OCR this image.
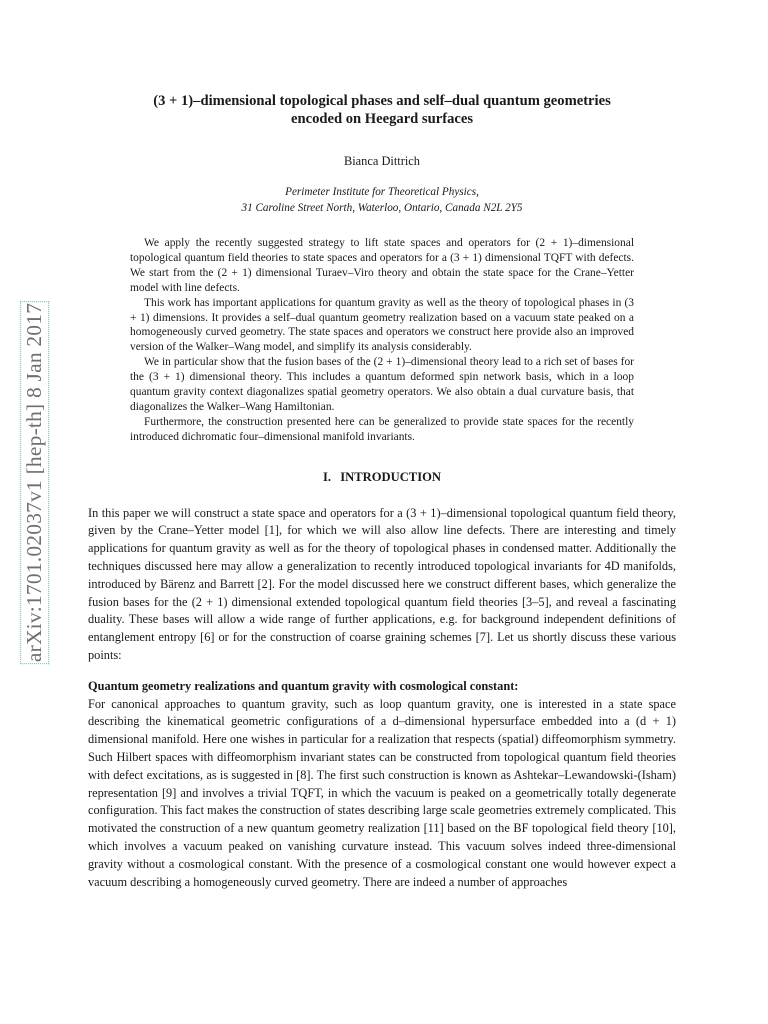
arXiv:1701.02037v1 [hep-th] 8 Jan 2017

(3 + 1)–dimensional topological phases and self–dual quantum geometries

encoded on Heegard surfaces

Bianca Dittrich
Perimeter Institute for Theoretical Physics,
31 Caroline Street North, Waterloo, Ontario, Canada N2L 2Y5

We apply the recently suggested strategy to lift state spaces and operators for (2 + 1)–dimensional topological quantum field theories to state spaces and operators for a (3 + 1) dimensional TQFT with defects. We start from the (2 + 1) dimensional Turaev–Viro theory and obtain the state space for the Crane–Yetter model with line defects.

This work has important applications for quantum gravity as well as the theory of topological phases in (3 + 1) dimensions. It provides a self–dual quantum geometry realization based on a vacuum state peaked on a homogeneously curved geometry. The state spaces and operators we construct here provide also an improved version of the Walker–Wang model, and simplify its analysis considerably.

We in particular show that the fusion bases of the (2 + 1)–dimensional theory lead to a rich set of bases for the (3 + 1) dimensional theory. This includes a quantum deformed spin network basis, which in a loop quantum gravity context diagonalizes spatial geometry operators. We also obtain a dual curvature basis, that diagonalizes the Walker–Wang Hamiltonian.

Furthermore, the construction presented here can be generalized to provide state spaces for the recently introduced dichromatic four–dimensional manifold invariants.

I. INTRODUCTION

In this paper we will construct a state space and operators for a (3 + 1)–dimensional topological quantum field theory, given by the Crane–Yetter model [1], for which we will also allow line defects. There are interesting and timely applications for quantum gravity as well as for the theory of topological phases in condensed matter. Additionally the techniques discussed here may allow a generalization to recently introduced topological invariants for 4D manifolds, introduced by Bärenz and Barrett [2]. For the model discussed here we construct different bases, which generalize the fusion bases for the (2 + 1) dimensional extended topological quantum field theories [3–5], and reveal a fascinating duality. These bases will allow a wide range of further applications, e.g. for background independent definitions of entanglement entropy [6] or for the construction of coarse graining schemes [7]. Let us shortly discuss these various points:

Quantum geometry realizations and quantum gravity with cosmological constant:

For canonical approaches to quantum gravity, such as loop quantum gravity, one is interested in a state space describing the kinematical geometric configurations of a d–dimensional hypersurface embedded into a (d + 1) dimensional manifold. Here one wishes in particular for a realization that respects (spatial) diffeomorphism symmetry. Such Hilbert spaces with diffeomorphism invariant states can be constructed from topological quantum field theories with defect excitations, as is suggested in [8]. The first such construction is known as Ashtekar–Lewandowski-(Isham) representation [9] and involves a trivial TQFT, in which the vacuum is peaked on a geometrically totally degenerate configuration. This fact makes the construction of states describing large scale geometries extremely complicated. This motivated the construction of a new quantum geometry realization [11] based on the BF topological field theory [10], which involves a vacuum peaked on vanishing curvature instead. This vacuum solves indeed three-dimensional gravity without a cosmological constant. With the presence of a cosmological constant one would however expect a vacuum describing a homogeneously curved geometry. There are indeed a number of approaches
